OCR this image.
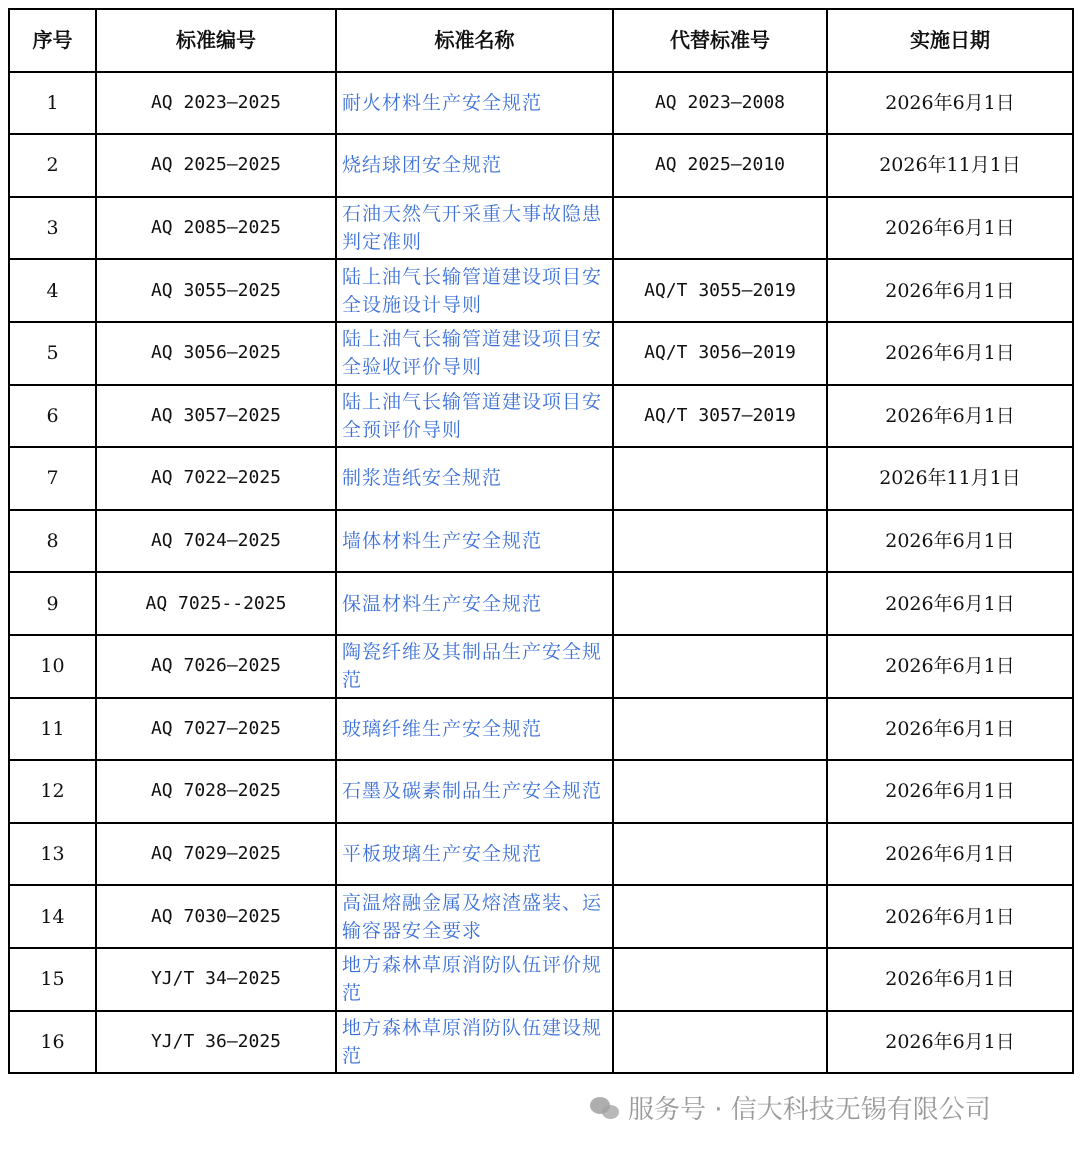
序号	标准编号	标准名称	代替标准号	实施日期
1	AQ 2023—2025	耐火材料生产安全规范	AQ 2023—2008	2026年6月1日
2	AQ 2025—2025	烧结球团安全规范	AQ 2025—2010	2026年11月1日
3	AQ 2085—2025	石油天然气开采重大事故隐患判定准则		2026年6月1日
4	AQ 3055—2025	陆上油气长输管道建设项目安全设施设计导则	AQ/T 3055—2019	2026年6月1日
5	AQ 3056—2025	陆上油气长输管道建设项目安全验收评价导则	AQ/T 3056—2019	2026年6月1日
6	AQ 3057—2025	陆上油气长输管道建设项目安全预评价导则	AQ/T 3057—2019	2026年6月1日
7	AQ 7022—2025	制浆造纸安全规范		2026年11月1日
8	AQ 7024—2025	墙体材料生产安全规范		2026年6月1日
9	AQ 7025--2025	保温材料生产安全规范		2026年6月1日
10	AQ 7026—2025	陶瓷纤维及其制品生产安全规范		2026年6月1日
11	AQ 7027—2025	玻璃纤维生产安全规范		2026年6月1日
12	AQ 7028—2025	石墨及碳素制品生产安全规范		2026年6月1日
13	AQ 7029—2025	平板玻璃生产安全规范		2026年6月1日
14	AQ 7030—2025	高温熔融金属及熔渣盛装、运输容器安全要求		2026年6月1日
15	YJ/T 34—2025	地方森林草原消防队伍评价规范		2026年6月1日
16	YJ/T 36—2025	地方森林草原消防队伍建设规范		2026年6月1日
服务号 · 信大科技无锡有限公司
